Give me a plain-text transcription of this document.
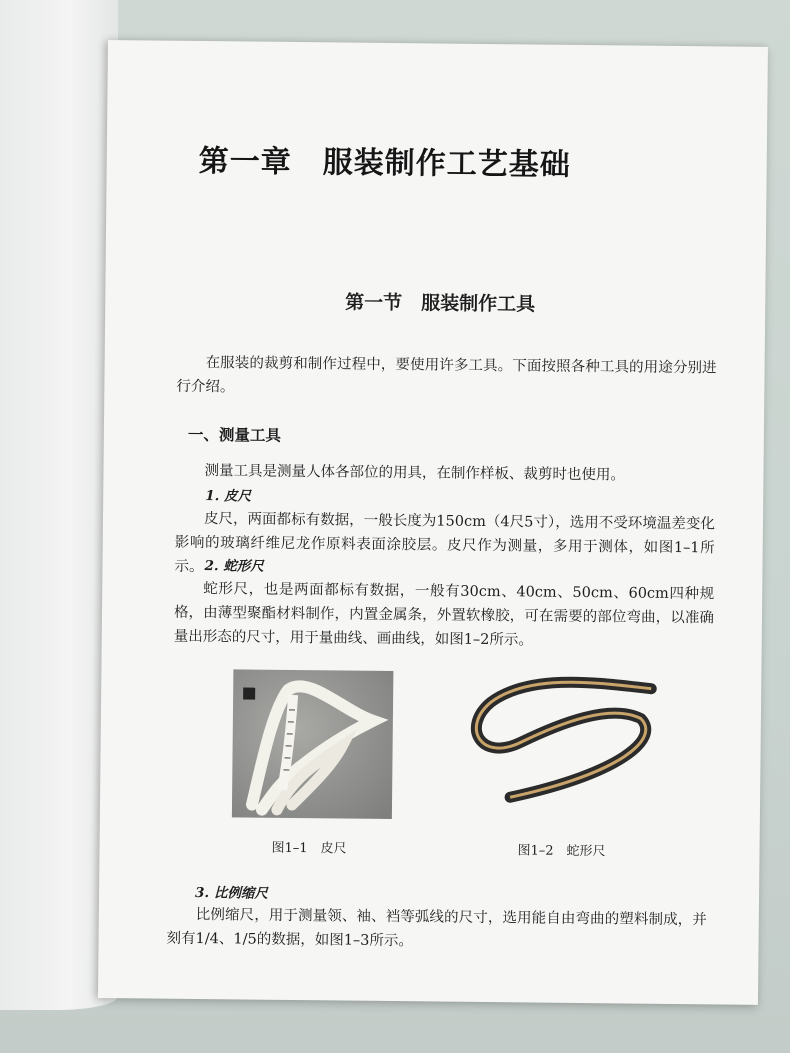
第一章　服装制作工艺基础
第一节　服装制作工具
在服装的裁剪和制作过程中，要使用许多工具。下面按照各种工具的用途分别进行介绍。
一、测量工具
测量工具是测量人体各部位的用具，在制作样板、裁剪时也使用。
1. 皮尺
皮尺，两面都标有数据，一般长度为150cm（4尺5寸），选用不受环境温差变化影响的玻璃纤维尼龙作原料表面涂胶层。皮尺作为测量，多用于测体，如图1–1所示。 2. 蛇形尺
蛇形尺，也是两面都标有数据，一般有30cm、40cm、50cm、60cm四种规格，由薄型聚酯材料制作，内置金属条，外置软橡胶，可在需要的部位弯曲，以准确量出形态的尺寸，用于量曲线、画曲线，如图1–2所示。
图1–1　皮尺	图1–2　蛇形尺
3. 比例缩尺
比例缩尺，用于测量领、袖、裆等弧线的尺寸，选用能自由弯曲的塑料制成，并刻有1/4、1/5的数据，如图1–3所示。
